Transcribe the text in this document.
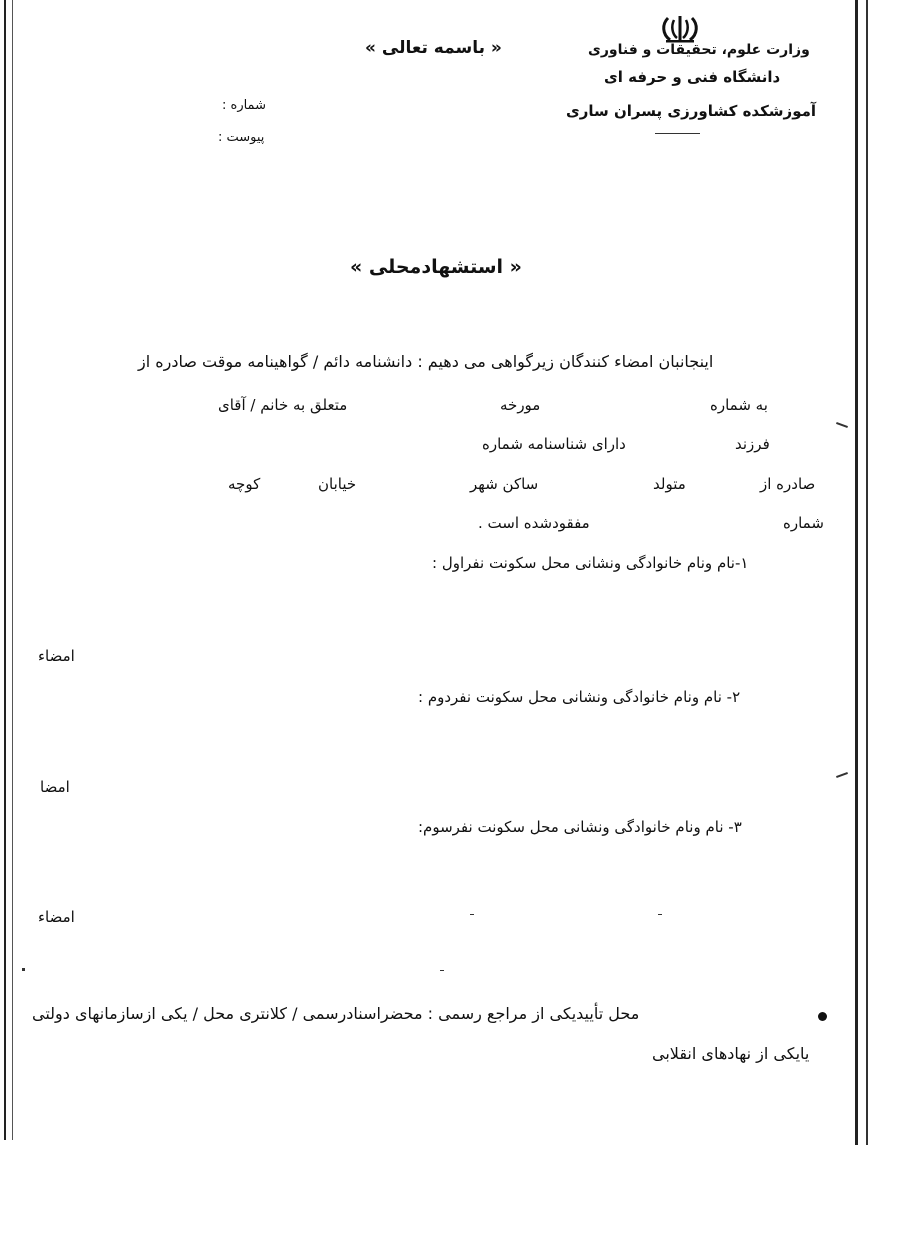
« باسمه تعالی »	وزارت علوم، تحقیقات و فناوری
دانشگاه فنی و حرفه ای
آموزشکده کشاورزی پسران ساری
شماره :
پیوست :
« استشهادمحلی »
اینجانبان امضاء کنندگان زیرگواهی می دهیم : دانشنامه دائم / گواهینامه موقت صادره از
به شماره
مورخه
متعلق به خانم / آقای
فرزند
دارای شناسنامه شماره
صادره از
متولد
ساکن شهر
خیابان
کوچه
شماره
مفقودشده است .
۱-نام ونام خانوادگی ونشانی محل سکونت نفراول :
امضاء
۲- نام ونام خانوادگی ونشانی محل سکونت نفردوم :
امضا
۳- نام ونام خانوادگی ونشانی محل سکونت نفرسوم:
امضاء
محل تأییدیکی از مراجع رسمی : محضراسنادرسمی / کلانتری محل / یکی ازسازمانهای دولتی
یایکی از نهادهای انقلابی
